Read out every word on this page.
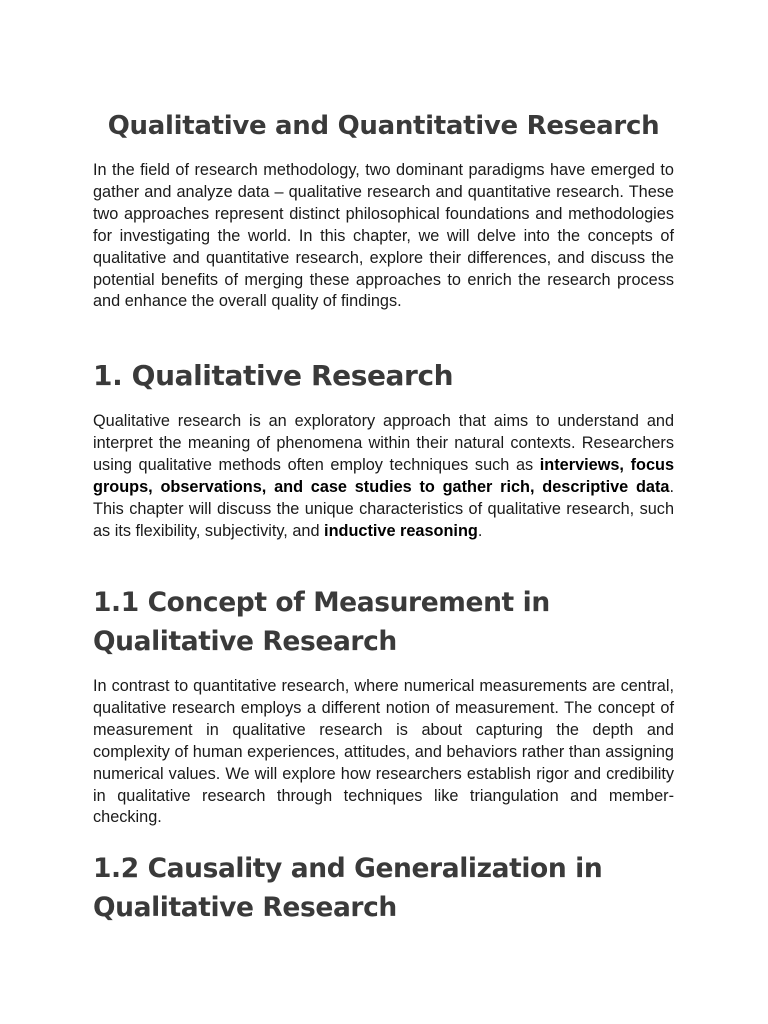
Qualitative and Quantitative Research

In the field of research methodology, two dominant paradigms have emerged to gather and analyze data – qualitative research and quantitative research. These two approaches represent distinct philosophical foundations and methodologies for investigating the world. In this chapter, we will delve into the concepts of qualitative and quantitative research, explore their differences, and discuss the potential benefits of merging these approaches to enrich the research process and enhance the overall quality of findings.

1. Qualitative Research

Qualitative research is an exploratory approach that aims to understand and interpret the meaning of phenomena within their natural contexts. Researchers using qualitative methods often employ techniques such as interviews, focus groups, observations, and case studies to gather rich, descriptive data. This chapter will discuss the unique characteristics of qualitative research, such as its flexibility, subjectivity, and inductive reasoning.

1.1 Concept of Measurement in Qualitative Research

In contrast to quantitative research, where numerical measurements are central, qualitative research employs a different notion of measurement. The concept of measurement in qualitative research is about capturing the depth and complexity of human experiences, attitudes, and behaviors rather than assigning numerical values. We will explore how researchers establish rigor and credibility in qualitative research through techniques like triangulation and member-checking.

1.2 Causality and Generalization in Qualitative Research
